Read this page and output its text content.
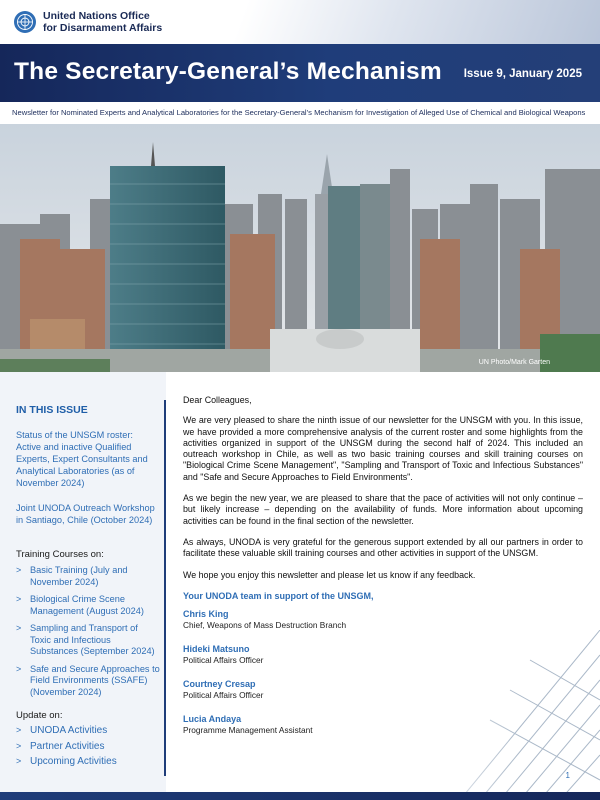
United Nations Office
for Disarmament Affairs
The Secretary-General’s Mechanism Issue 9, January 2025
Newsletter for Nominated Experts and Analytical Laboratories for the Secretary-General’s Mechanism for Investigation of Alleged Use of Chemical and Biological Weapons
UN Photo/Mark Garten
IN THIS ISSUE
Status of the UNSGM roster: Active and inactive Qualified Experts, Expert Consultants and Analytical Laboratories (as of November 2024)
Joint UNODA Outreach Workshop in Santiago, Chile (October 2024)
Training Courses on:
> Basic Training (July and November 2024)
> Biological Crime Scene Management (August 2024)
> Sampling and Transport of Toxic and Infectious Substances (September 2024)
> Safe and Secure Approaches to Field Environments (SSAFE) (November 2024)
Update on:
> UNODA Activities
> Partner Activities
> Upcoming Activities

Dear Colleagues,

We are very pleased to share the ninth issue of our newsletter for the UNSGM with you. In this issue, we have provided a more comprehensive analysis of the current roster and some highlights from the activities organized in support of the UNSGM during the second half of 2024. This included an outreach workshop in Chile, as well as two basic training courses and skill training courses on "Biological Crime Scene Management", "Sampling and Transport of Toxic and Infectious Substances" and "Safe and Secure Approaches to Field Environments".

As we begin the new year, we are pleased to share that the pace of activities will not only continue – but likely increase – depending on the availability of funds. More information about upcoming activities can be found in the final section of the newsletter.

As always, UNODA is very grateful for the generous support extended by all our partners in order to facilitate these valuable skill training courses and other activities in support of the UNSGM.

We hope you enjoy this newsletter and please let us know if any feedback.

Your UNODA team in support of the UNSGM,
Chris King
Chief, Weapons of Mass Destruction Branch
Hideki Matsuno
Political Affairs Officer
Courtney Cresap
Political Affairs Officer
Lucia Andaya
Programme Management Assistant
1
